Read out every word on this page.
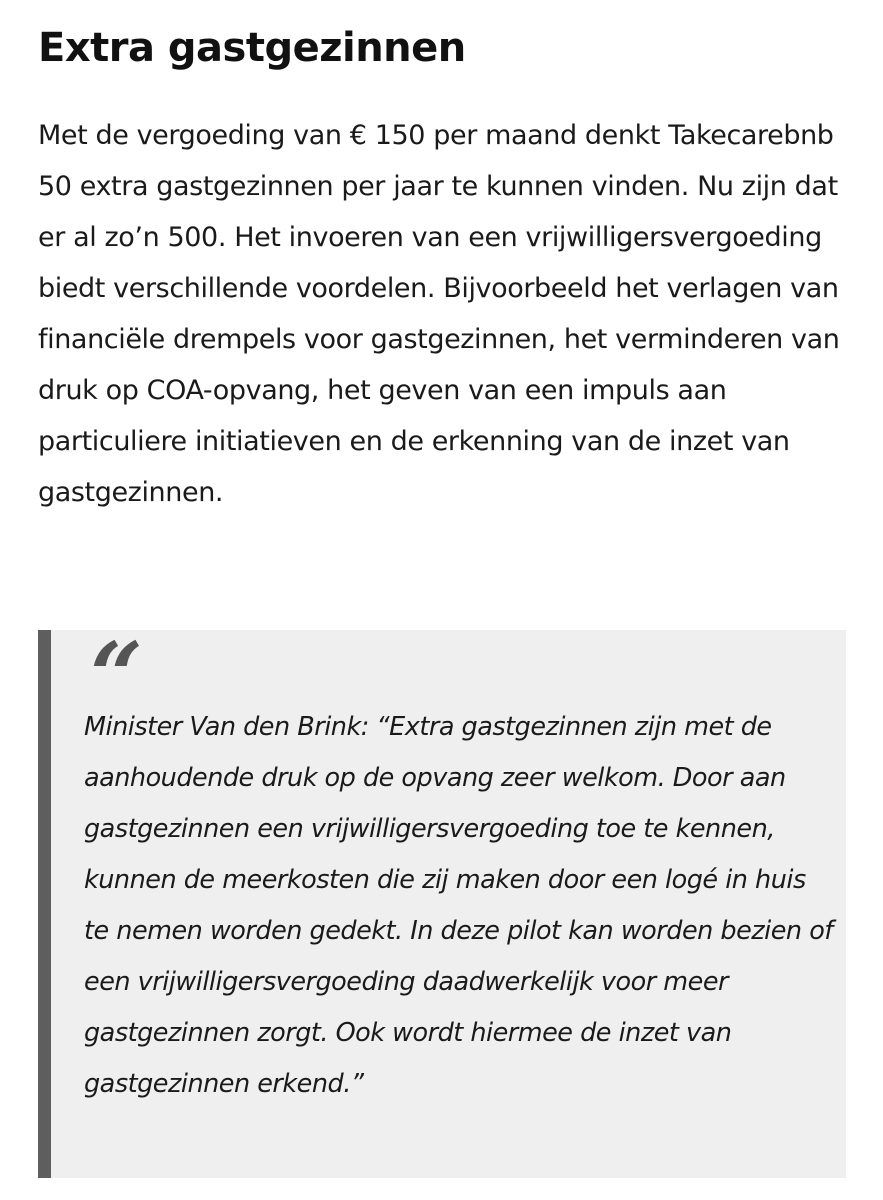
Extra gastgezinnen

Met de vergoeding van € 150 per maand denkt Takecarebnb 50 extra gastgezinnen per jaar te kunnen vinden. Nu zijn dat er al zo’n 500. Het invoeren van een vrijwilligersvergoeding biedt verschillende voordelen. Bijvoorbeeld het verlagen van financiële drempels voor gastgezinnen, het verminderen van druk op COA-opvang, het geven van een impuls aan particuliere initiatieven en de erkenning van de inzet van gastgezinnen.

“

Minister Van den Brink: “Extra gastgezinnen zijn met de aanhoudende druk op de opvang zeer welkom. Door aan gastgezinnen een vrijwilligersvergoeding toe te kennen, kunnen de meerkosten die zij maken door een logé in huis te nemen worden gedekt. In deze pilot kan worden bezien of een vrijwilligersvergoeding daadwerkelijk voor meer gastgezinnen zorgt. Ook wordt hiermee de inzet van gastgezinnen erkend.”
